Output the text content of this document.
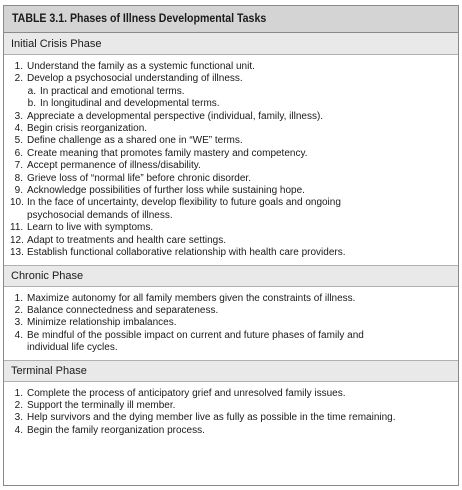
TABLE 3.1. Phases of Illness Developmental Tasks
Initial Crisis Phase
1. Understand the family as a systemic functional unit.
2. Develop a psychosocial understanding of illness.
a. In practical and emotional terms.
b. In longitudinal and developmental terms.
3. Appreciate a developmental perspective (individual, family, illness).
4. Begin crisis reorganization.
5. Define challenge as a shared one in “WE” terms.
6. Create meaning that promotes family mastery and competency.
7. Accept permanence of illness/disability.
8. Grieve loss of “normal life” before chronic disorder.
9. Acknowledge possibilities of further loss while sustaining hope.
10. In the face of uncertainty, develop flexibility to future goals and ongoing
psychosocial demands of illness.
11. Learn to live with symptoms.
12. Adapt to treatments and health care settings.
13. Establish functional collaborative relationship with health care providers.
Chronic Phase
1. Maximize autonomy for all family members given the constraints of illness.
2. Balance connectedness and separateness.
3. Minimize relationship imbalances.
4. Be mindful of the possible impact on current and future phases of family and
individual life cycles.
Terminal Phase
1. Complete the process of anticipatory grief and unresolved family issues.
2. Support the terminally ill member.
3. Help survivors and the dying member live as fully as possible in the time remaining.
4. Begin the family reorganization process.
